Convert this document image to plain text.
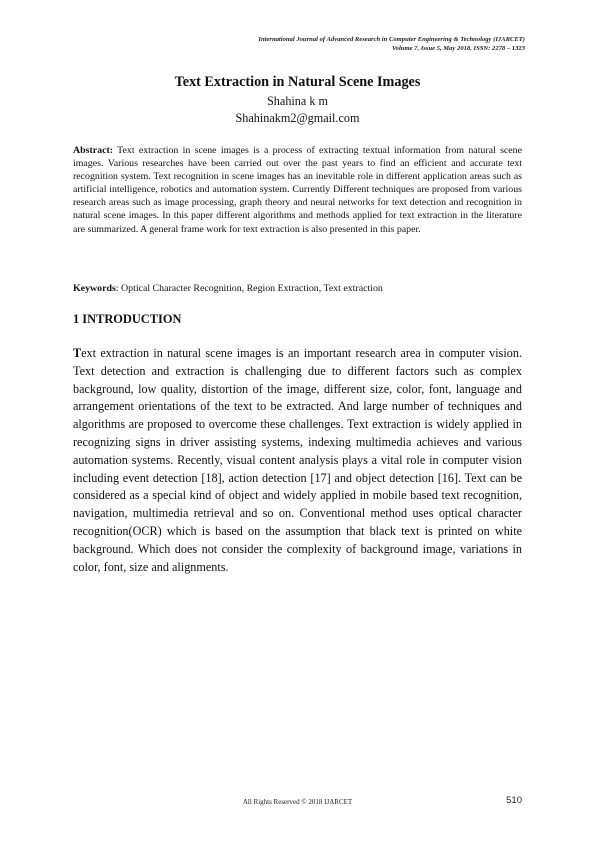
International Journal of Advanced Research in Computer Engineering & Technology (IJARCET)
Volume 7, Issue 5, May 2018, ISSN: 2278 – 1323
Text Extraction in Natural Scene Images
Shahina k m
Shahinakm2@gmail.com
Abstract: Text extraction in scene images is a process of extracting textual information from natural scene images. Various researches have been carried out over the past years to find an efficient and accurate text recognition system. Text recognition in scene images has an inevitable role in different application areas such as artificial intelligence, robotics and automation system. Currently Different techniques are proposed from various research areas such as image processing, graph theory and neural networks for text detection and recognition in natural scene images. In this paper different algorithms and methods applied for text extraction in the literature are summarized. A general frame work for text extraction is also presented in this paper.
Keywords: Optical Character Recognition, Region Extraction, Text extraction
1 INTRODUCTION
Text extraction in natural scene images is an important research area in computer vision. Text detection and extraction is challenging due to different factors such as complex background, low quality, distortion of the image, different size, color, font, language and arrangement orientations of the text to be extracted. And large number of techniques and algorithms are proposed to overcome these challenges. Text extraction is widely applied in recognizing signs in driver assisting systems, indexing multimedia achieves and various automation systems. Recently, visual content analysis plays a vital role in computer vision including event detection [18], action detection [17] and object detection [16]. Text can be considered as a special kind of object and widely applied in mobile based text recognition, navigation, multimedia retrieval and so on. Conventional method uses optical character recognition(OCR) which is based on the assumption that black text is printed on white background. Which does not consider the complexity of background image, variations in color, font, size and alignments.
All Rights Reserved © 2018 IJARCET	510
